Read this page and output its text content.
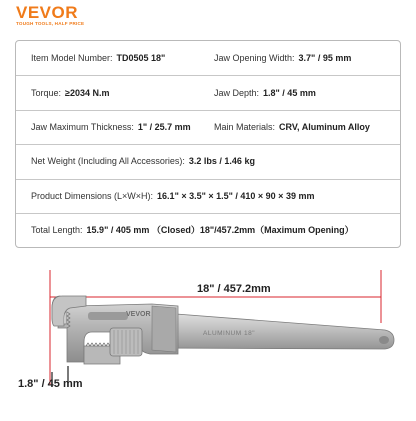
VEVOR
TOUGH TOOLS, HALF PRICE
Item Model Number: TD0505 18"	Jaw Opening Width: 3.7" / 95 mm
Torque: ≥2034 N.m	Jaw Depth: 1.8" / 45 mm
Jaw Maximum Thickness: 1" / 25.7 mm	Main Materials: CRV, Aluminum Alloy
Net Weight (Including All Accessories): 3.2 lbs / 1.46 kg
Product Dimensions (L×W×H): 16.1" × 3.5" × 1.5" / 410 × 90 × 39 mm
Total Length: 15.9" / 405 mm （Closed）18"/457.2mm（Maximum Opening）
18" / 457.2mm
1.8" / 45 mm
VEVOR
ALUMINUM 18"
